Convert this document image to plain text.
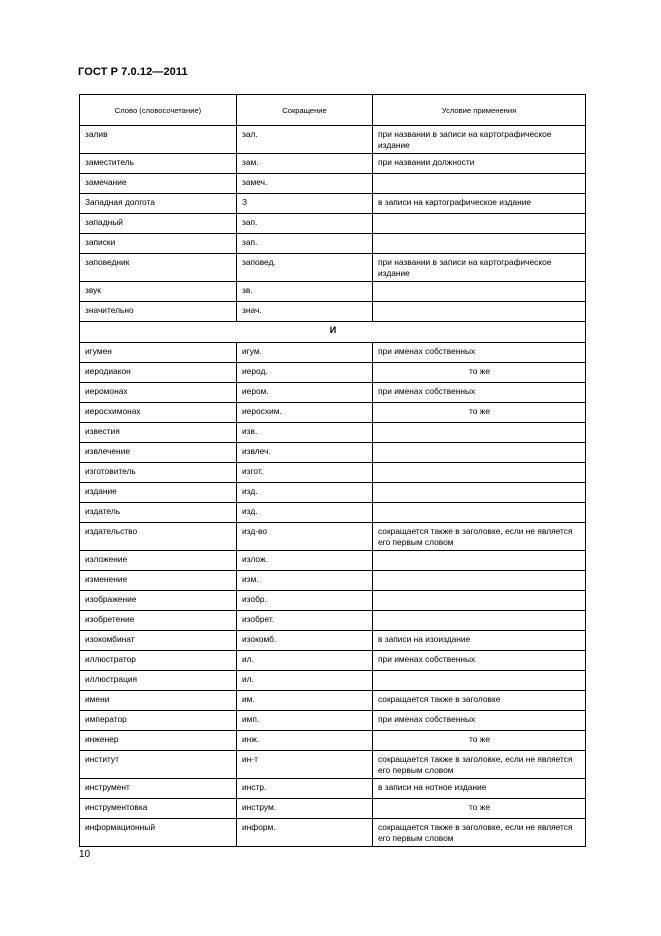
ГОСТ Р 7.0.12—2011
Слово (словосочетание)	Сокращение	Условие применения
залив	зал.	при названии в записи на картографическое издание
заместитель	зам.	при названии должности
замечание	замеч.	
Западная долгота	З	в записи на картографическое издание
западный	зап.	
записки	зап.	
заповедник	заповед.	при названии в записи на картографическое издание
звук	зв.	
значительно	знач.	
И		
игумен	игум.	при именах собственных
иеродиакон	иерод.	то же
иеромонах	иером.	при именах собственных
иеросхимонах	иеросхим.	то же
известия	изв.	
извлечение	извлеч.	
изготовитель	изгот.	
издание	изд.	
издатель	изд.	
издательство	изд-во	сокращается также в заголовке, если не является его первым словом
изложение	излож.	
изменение	изм.	
изображение	изобр.	
изобретение	изобрет.	
изокомбинат	изокомб.	в записи на изоиздание
иллюстратор	ил.	при именах собственных
иллюстрация	ил.	
имени	им.	сокращается также в заголовке
император	имп.	при именах собственных
инженер	инж.	то же
институт	ин-т	сокращается также в заголовке, если не является его первым словом
инструмент	инстр.	в записи на нотное издание
инструментовка	инструм.	то же
информационный	информ.	сокращается также в заголовке, если не является его первым словом
10
